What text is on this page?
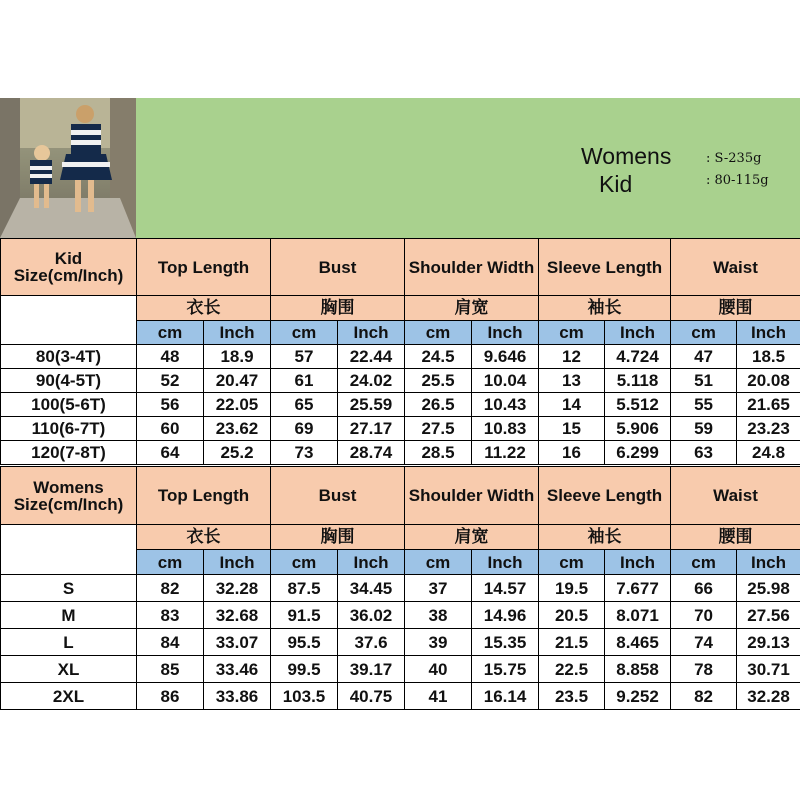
Womens
Kid
: S-235g
: 80-115g
Kid Size(cm/Inch)	Top Length		Bust		Shoulder Width		Sleeve Length		Waist	
	衣长		胸围		肩宽		袖长		腰围	
	cm	Inch	cm	Inch	cm	Inch	cm	Inch	cm	Inch
80(3-4T)	48	18.9	57	22.44	24.5	9.646	12	4.724	47	18.5
90(4-5T)	52	20.47	61	24.02	25.5	10.04	13	5.118	51	20.08
100(5-6T)	56	22.05	65	25.59	26.5	10.43	14	5.512	55	21.65
110(6-7T)	60	23.62	69	27.17	27.5	10.83	15	5.906	59	23.23
120(7-8T)	64	25.2	73	28.74	28.5	11.22	16	6.299	63	24.8
Womens Size(cm/Inch)	Top Length		Bust		Shoulder Width		Sleeve Length		Waist	
	衣长		胸围		肩宽		袖长		腰围	
	cm	Inch	cm	Inch	cm	Inch	cm	Inch	cm	Inch
S	82	32.28	87.5	34.45	37	14.57	19.5	7.677	66	25.98
M	83	32.68	91.5	36.02	38	14.96	20.5	8.071	70	27.56
L	84	33.07	95.5	37.6	39	15.35	21.5	8.465	74	29.13
XL	85	33.46	99.5	39.17	40	15.75	22.5	8.858	78	30.71
2XL	86	33.86	103.5	40.75	41	16.14	23.5	9.252	82	32.28
